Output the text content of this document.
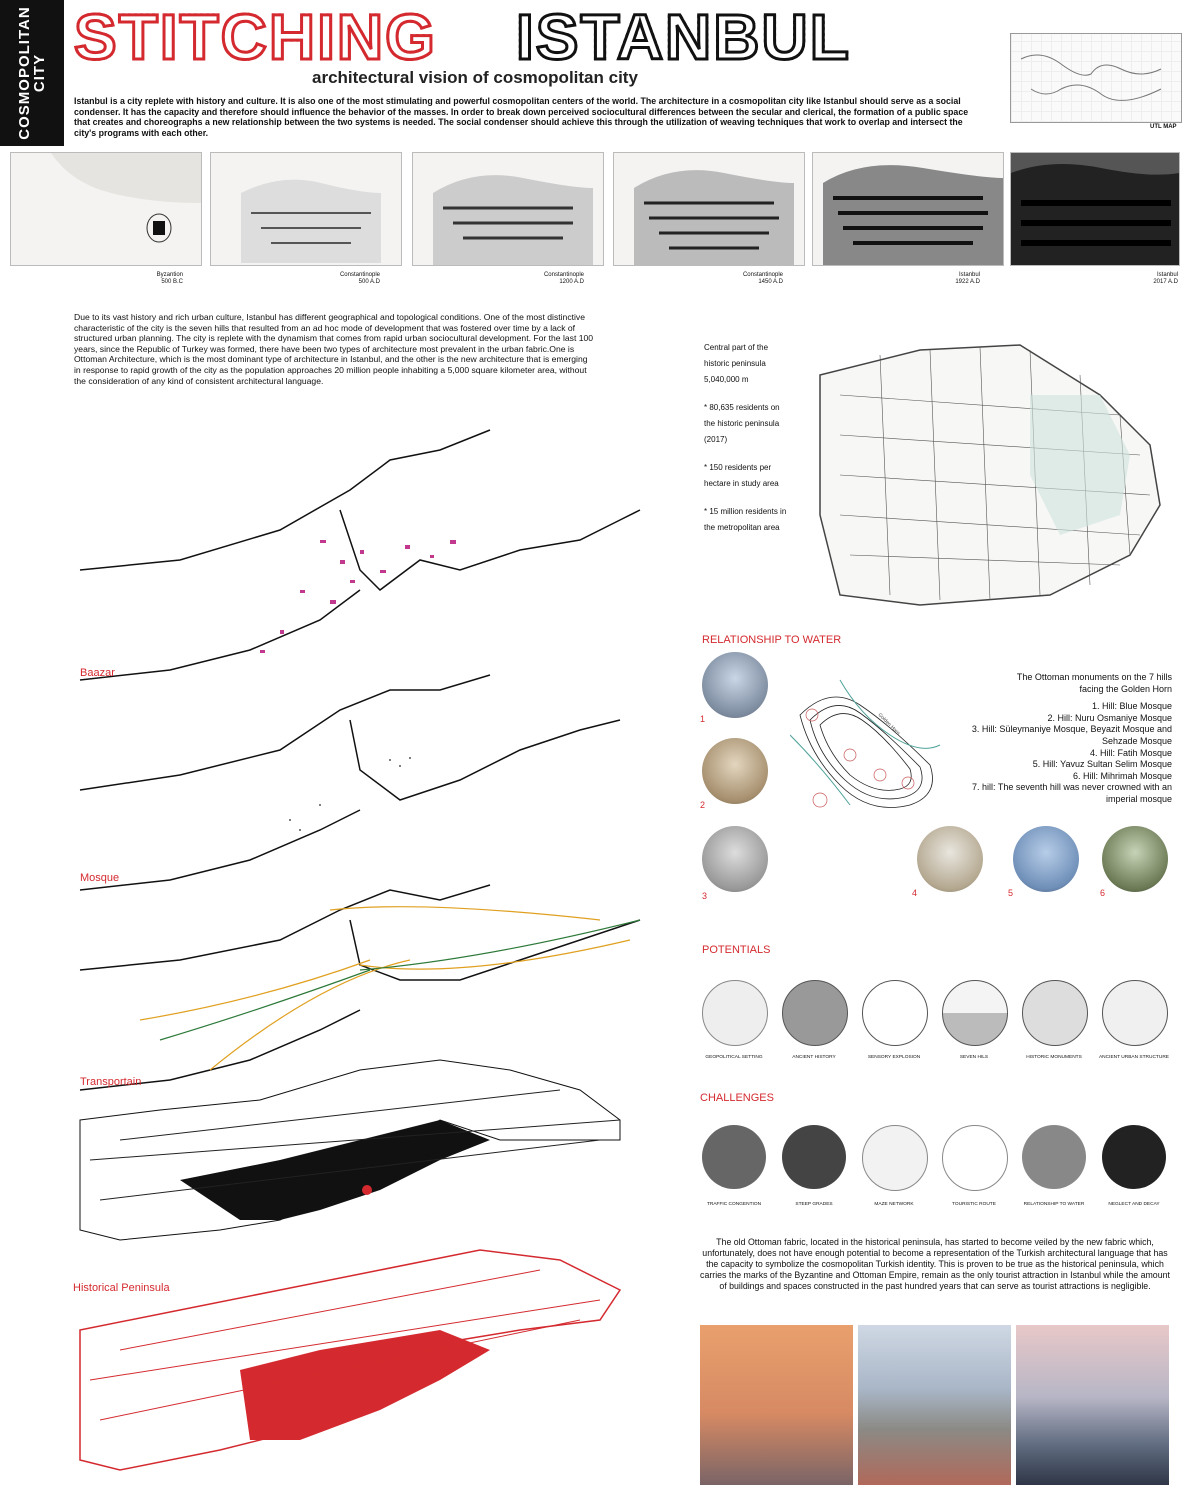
COSMOPOLITAN
CITY STITCHING ISTANBUL
architectural vision of cosmopolitan city
Istanbul is a city replete with history and culture. It is also one of the most stimulating and powerful cosmopolitan centers of the world. The architecture in a cosmopolitan city like Istanbul should serve as a social condenser. It has the capacity and therefore should influence the behavior of the masses. In order to break down perceived sociocultural differences between the secular and clerical, the formation of a public space that creates and choreographs a new relationship between the two systems is needed. The social condenser should achieve this through the utilization of weaving techniques that work to overlap and intersect the city's programs with each other.
UTL MAP
Byzantion
500 B.C
Constantinople
500 A.D
Constantinople
1200 A.D
Constantinople
1450 A.D
Istanbul
1922 A.D
Istanbul
2017 A.D
Due to its vast history and rich urban culture, Istanbul has different geographical and topological conditions. One of the most distinctive characteristic of the city is the seven hills that resulted from an ad hoc mode of development that was fostered over time by a lack of structured urban planning. The city is replete with the dynamism that comes from rapid urban sociocultural development. For the last 100 years, since the Republic of Turkey was formed, there have been two types of architecture most prevalent in the urban fabric.One is Ottoman Architecture, which is the most dominant type of architecture in Istanbul, and the other is the new architecture that is emerging in response to rapid growth of the city as the population approaches 20 million people inhabiting a 5,000 square kilometer area, without the consideration of any kind of consistent architectural language.
Baazar
Mosque
Transportain
Historical Peninsula
Central part of the historic peninsula 5,040,000 m
* 80,635 residents on the historic peninsula (2017)
* 150 residents per hectare in study area
* 15 million residents in the metropolitan area
RELATIONSHIP TO WATER
1
2
3	4	5	6
Golden Horn
The Ottoman monuments on the 7 hills
facing the Golden Horn
1. Hill: Blue Mosque
2. Hill: Nuru Osmaniye Mosque
3. Hill: Süleymaniye Mosque, Beyazit Mosque and
Sehzade Mosque
4. Hill: Fatih Mosque
5. Hill: Yavuz Sultan Selim Mosque
6. Hill: Mihrimah Mosque
7. hill: The seventh hill was never crowned with an
imperial mosque
POTENTIALS
GEOPOLITICAL SETTING	ANCIENT HISTORY	SENSORY EXPLOSION	SEVEN HILS	HISTORIC MONUMENTS	ANCIENT URBAN STRUCTURE
CHALLENGES
TRAFFIC CONGENTION	STEEP GRADES	MAZE NETWORK	TOURISTIC ROUTE	RELATIONSHIP TO WATER	NEGLECT AND DECAY
The old Ottoman fabric, located in the historical peninsula, has started to become veiled by the new fabric which, unfortunately, does not have enough potential to become a representation of the Turkish architectural language that has the capacity to symbolize the cosmopolitan Turkish identity. This is proven to be true as the historical peninsula, which carries the marks of the Byzantine and Ottoman Empire, remain as the only tourist attraction in Istanbul while the amount of buildings and spaces constructed in the past hundred years that can serve as tourist attractions is negligible.
